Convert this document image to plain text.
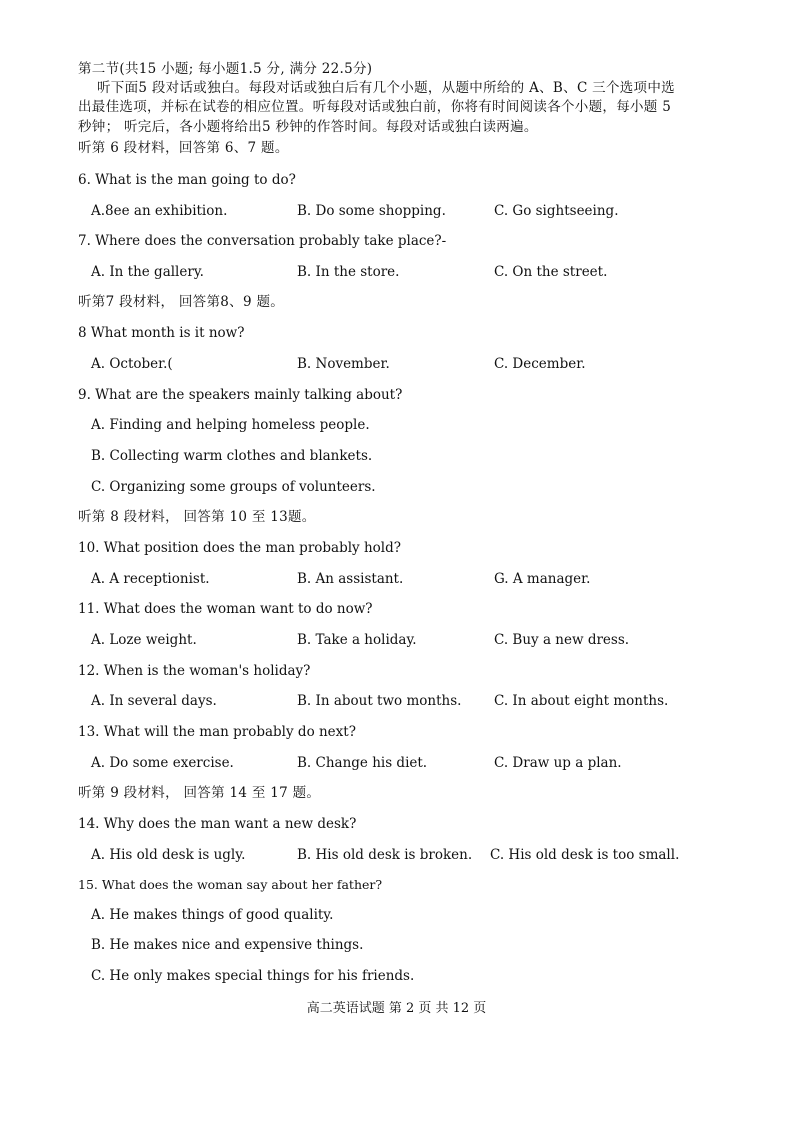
第二节(共15 小题; 每小题1.5 分, 满分 22.5分)
听下面5 段对话或独白。每段对话或独白后有几个小题，从题中所给的 A、B、C 三个选项中选
出最佳选项，并标在试卷的相应位置。听每段对话或独白前，你将有时间阅读各个小题，每小题 5
秒钟； 听完后，各小题将给出5 秒钟的作答时间。每段对话或独白读两遍。
听第 6 段材料，回答第 6、7 题。
6. What is the man going to do?
A.8ee an exhibition.	B. Do some shopping.	C. Go sightseeing.
7. Where does the conversation probably take place?-
A. In the gallery.	B. In the store.	C. On the street.
听第7 段材料， 回答第8、9 题。
8 What month is it now?
A. October.(	B. November.	C. December.
9. What are the speakers mainly talking about?
A. Finding and helping homeless people.
B. Collecting warm clothes and blankets.
C. Organizing some groups of volunteers.
听第 8 段材料， 回答第 10 至 13题。
10. What position does the man probably hold?
A. A receptionist.	B. An assistant.	G. A manager.
11. What does the woman want to do now?
A. Loze weight.	B. Take a holiday.	C. Buy a new dress.
12. When is the woman's holiday?
A. In several days.	B. In about two months. C. In about eight months.
13. What will the man probably do next?
A. Do some exercise.	B. Change his diet.	C. Draw up a plan.
听第 9 段材料， 回答第 14 至 17 题。
14. Why does the man want a new desk?
A. His old desk is ugly.	B. His old desk is broken. C. His old desk is too small.
15. What does the woman say about her father?
A. He makes things of good quality.
B. He makes nice and expensive things.
C. He only makes special things for his friends.
高二英语试题 第 2 页 共 12 页
